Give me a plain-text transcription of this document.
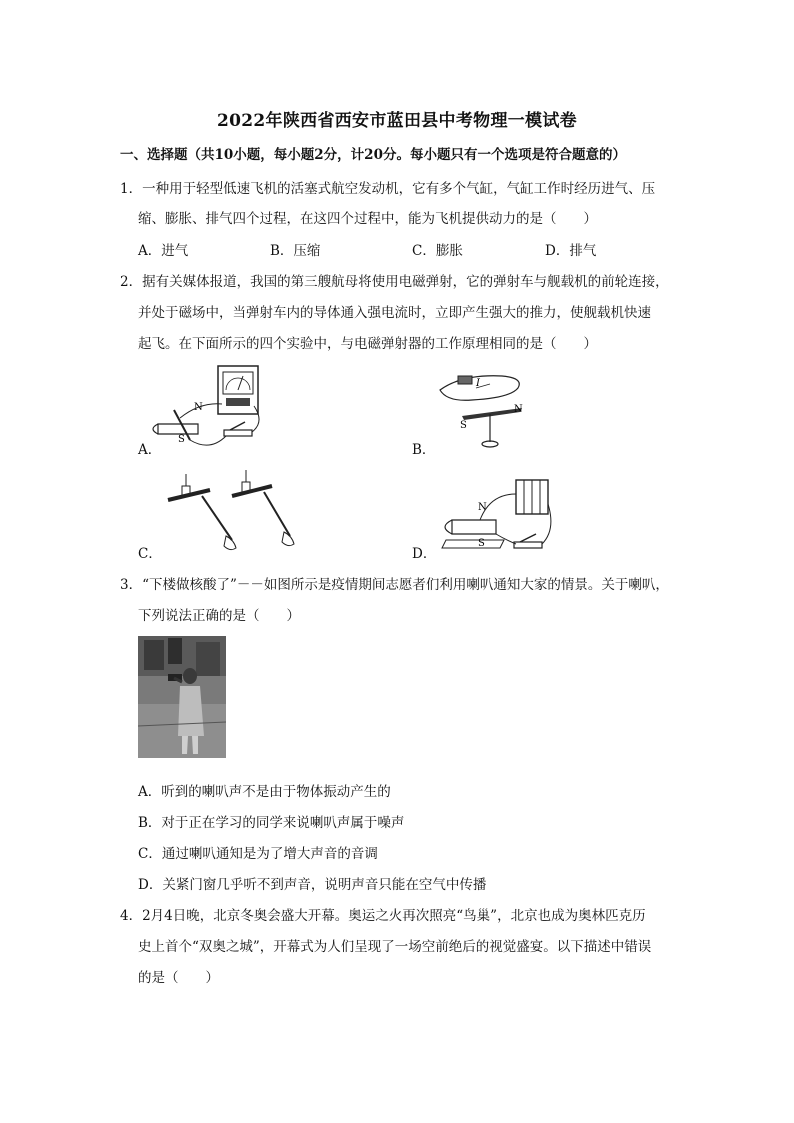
2022年陕西省西安市蓝田县中考物理一模试卷
一、选择题（共10小题，每小题2分，计20分。每小题只有一个选项是符合题意的）
1．一种用于轻型低速飞机的活塞式航空发动机，它有多个气缸，气缸工作时经历进气、压
缩、膨胀、排气四个过程，在这四个过程中，能为飞机提供动力的是（　　）
A．进气	B．压缩	C．膨胀	D．排气
2．据有关媒体报道，我国的第三艘航母将使用电磁弹射，它的弹射车与舰载机的前轮连接，
并处于磁场中，当弹射车内的导体通入强电流时，立即产生强大的推力，使舰载机快速
起飞。在下面所示的四个实验中，与电磁弹射器的工作原理相同的是（　　）
A．	B．
C．	D．
N
S
I
N
S
N
S
3．“下楼做核酸了”－－如图所示是疫情期间志愿者们利用喇叭通知大家的情景。关于喇叭，
下列说法正确的是（　　）
A．听到的喇叭声不是由于物体振动产生的
B．对于正在学习的同学来说喇叭声属于噪声
C．通过喇叭通知是为了增大声音的音调
D．关紧门窗几乎听不到声音，说明声音只能在空气中传播
4．2月4日晚，北京冬奥会盛大开幕。奥运之火再次照亮“鸟巢”，北京也成为奥林匹克历
史上首个“双奥之城”，开幕式为人们呈现了一场空前绝后的视觉盛宴。以下描述中错误
的是（　　）
